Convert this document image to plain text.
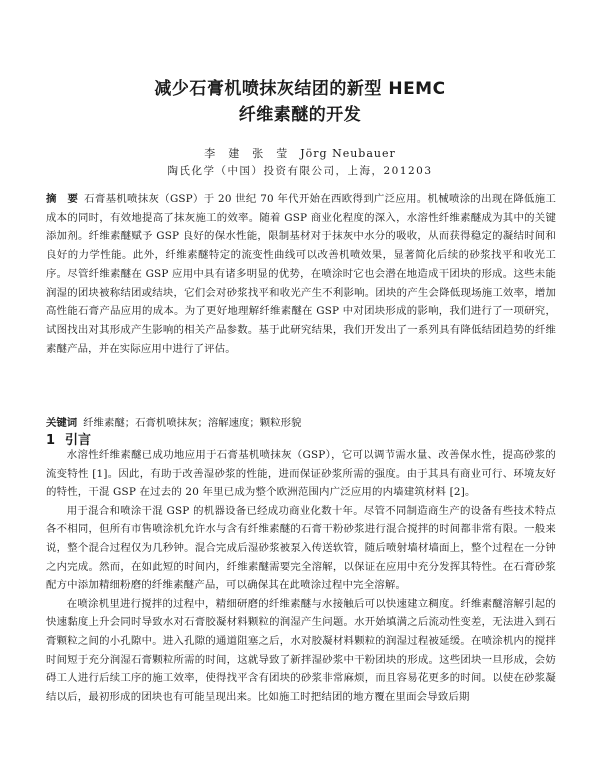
减少石膏机喷抹灰结团的新型 HEMC
纤维素醚的开发
李　建　张　莹　Jörg Neubauer
陶氏化学（中国）投资有限公司，上海，201203
摘　要 石膏基机喷抹灰（GSP）于 20 世纪 70 年代开始在西欧得到广泛应用。机械喷涂的出现在降低施工成本的同时，有效地提高了抹灰施工的效率。随着 GSP 商业化程度的深入，水溶性纤维素醚成为其中的关键添加剂。纤维素醚赋予 GSP 良好的保水性能，限制基材对于抹灰中水分的吸收，从而获得稳定的凝结时间和良好的力学性能。此外，纤维素醚特定的流变性曲线可以改善机喷效果，显著简化后续的砂浆找平和收光工序。尽管纤维素醚在 GSP 应用中具有诸多明显的优势，在喷涂时它也会潜在地造成干团块的形成。这些未能润湿的团块被称结团或结块，它们会对砂浆找平和收光产生不利影响。团块的产生会降低现场施工效率，增加高性能石膏产品应用的成本。为了更好地理解纤维素醚在 GSP 中对团块形成的影响，我们进行了一项研究，试图找出对其形成产生影响的相关产品参数。基于此研究结果，我们开发出了一系列具有降低结团趋势的纤维素醚产品，并在实际应用中进行了评估。
关键词 纤维素醚；石膏机喷抹灰；溶解速度；颗粒形貌
1 引言

水溶性纤维素醚已成功地应用于石膏基机喷抹灰（GSP），它可以调节需水量、改善保水性，提高砂浆的流变特性 [1]。因此，有助于改善湿砂浆的性能，进而保证砂浆所需的强度。由于其具有商业可行、环境友好的特性，干混 GSP 在过去的 20 年里已成为整个欧洲范围内广泛应用的内墙建筑材料 [2]。

用于混合和喷涂干混 GSP 的机器设备已经成功商业化数十年。尽管不同制造商生产的设备有些技术特点各不相同，但所有市售喷涂机允许水与含有纤维素醚的石膏干粉砂浆进行混合搅拌的时间都非常有限。一般来说，整个混合过程仅为几秒钟。混合完成后湿砂浆被泵入传送软管，随后喷射墙材墙面上，整个过程在一分钟之内完成。然而，在如此短的时间内，纤维素醚需要完全溶解，以保证在应用中充分发挥其特性。在石膏砂浆配方中添加精细粉磨的纤维素醚产品，可以确保其在此喷涂过程中完全溶解。

在喷涂机里进行搅拌的过程中，精细研磨的纤维素醚与水接触后可以快速建立稠度。纤维素醚溶解引起的快速黏度上升会同时导致水对石膏胶凝材料颗粒的润湿产生问题。水开始填满之后流动性变差，无法进入到石膏颗粒之间的小孔隙中。进入孔隙的通道阻塞之后，水对胶凝材料颗粒的润湿过程被延缓。在喷涂机内的搅拌时间短于充分润湿石膏颗粒所需的时间，这就导致了新拌湿砂浆中干粉团块的形成。这些团块一旦形成，会妨碍工人进行后续工序的施工效率，使得找平含有团块的砂浆非常麻烦，而且容易花更多的时间。以使在砂浆凝结以后，最初形成的团块也有可能呈现出来。比如施工时把结团的地方覆在里面会导致后期
